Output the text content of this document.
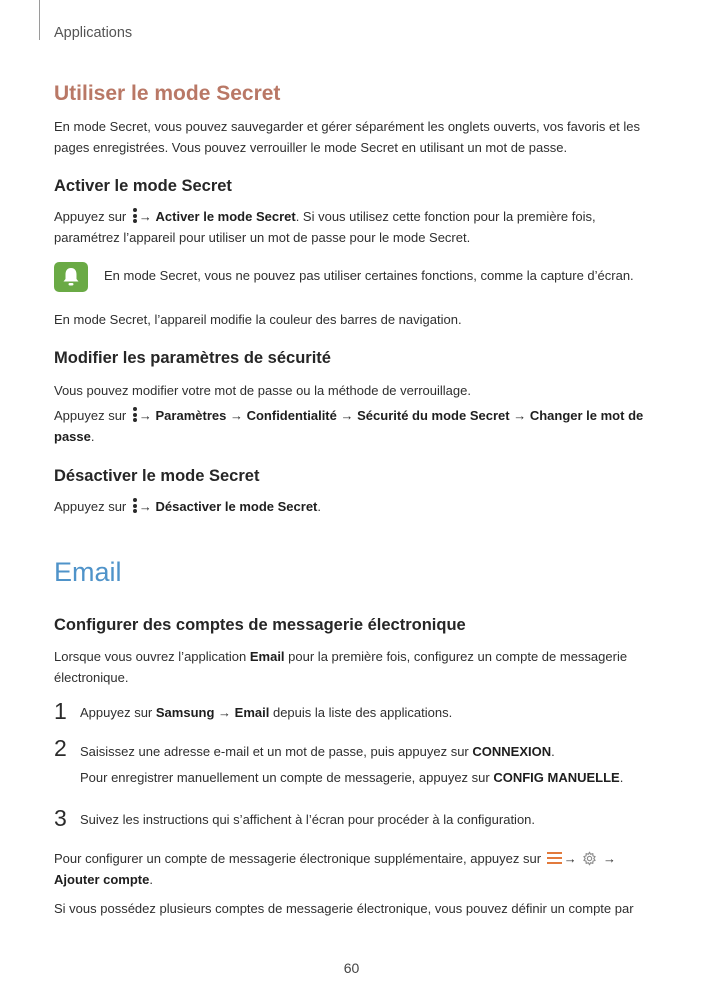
Applications
Utiliser le mode Secret

En mode Secret, vous pouvez sauvegarder et gérer séparément les onglets ouverts, vos favoris et les pages enregistrées. Vous pouvez verrouiller le mode Secret en utilisant un mot de passe.

Activer le mode Secret

Appuyez sur → Activer le mode Secret. Si vous utilisez cette fonction pour la première fois, paramétrez l’appareil pour utiliser un mot de passe pour le mode Secret.

En mode Secret, vous ne pouvez pas utiliser certaines fonctions, comme la capture d’écran.

En mode Secret, l’appareil modifie la couleur des barres de navigation.

Modifier les paramètres de sécurité

Vous pouvez modifier votre mot de passe ou la méthode de verrouillage.

Appuyez sur → Paramètres → Confidentialité → Sécurité du mode Secret → Changer le mot de passe.

Désactiver le mode Secret

Appuyez sur → Désactiver le mode Secret.

Email
Configurer des comptes de messagerie électronique

Lorsque vous ouvrez l’application Email pour la première fois, configurez un compte de messagerie électronique.

1 Appuyez sur Samsung → Email depuis la liste des applications.

2 Saisissez une adresse e-mail et un mot de passe, puis appuyez sur CONNEXION.

Pour enregistrer manuellement un compte de messagerie, appuyez sur CONFIG MANUELLE.

3 Suivez les instructions qui s’affichent à l’écran pour procéder à la configuration.

Pour configurer un compte de messagerie électronique supplémentaire, appuyez sur → → Ajouter compte.

Si vous possédez plusieurs comptes de messagerie électronique, vous pouvez définir un compte par

60
